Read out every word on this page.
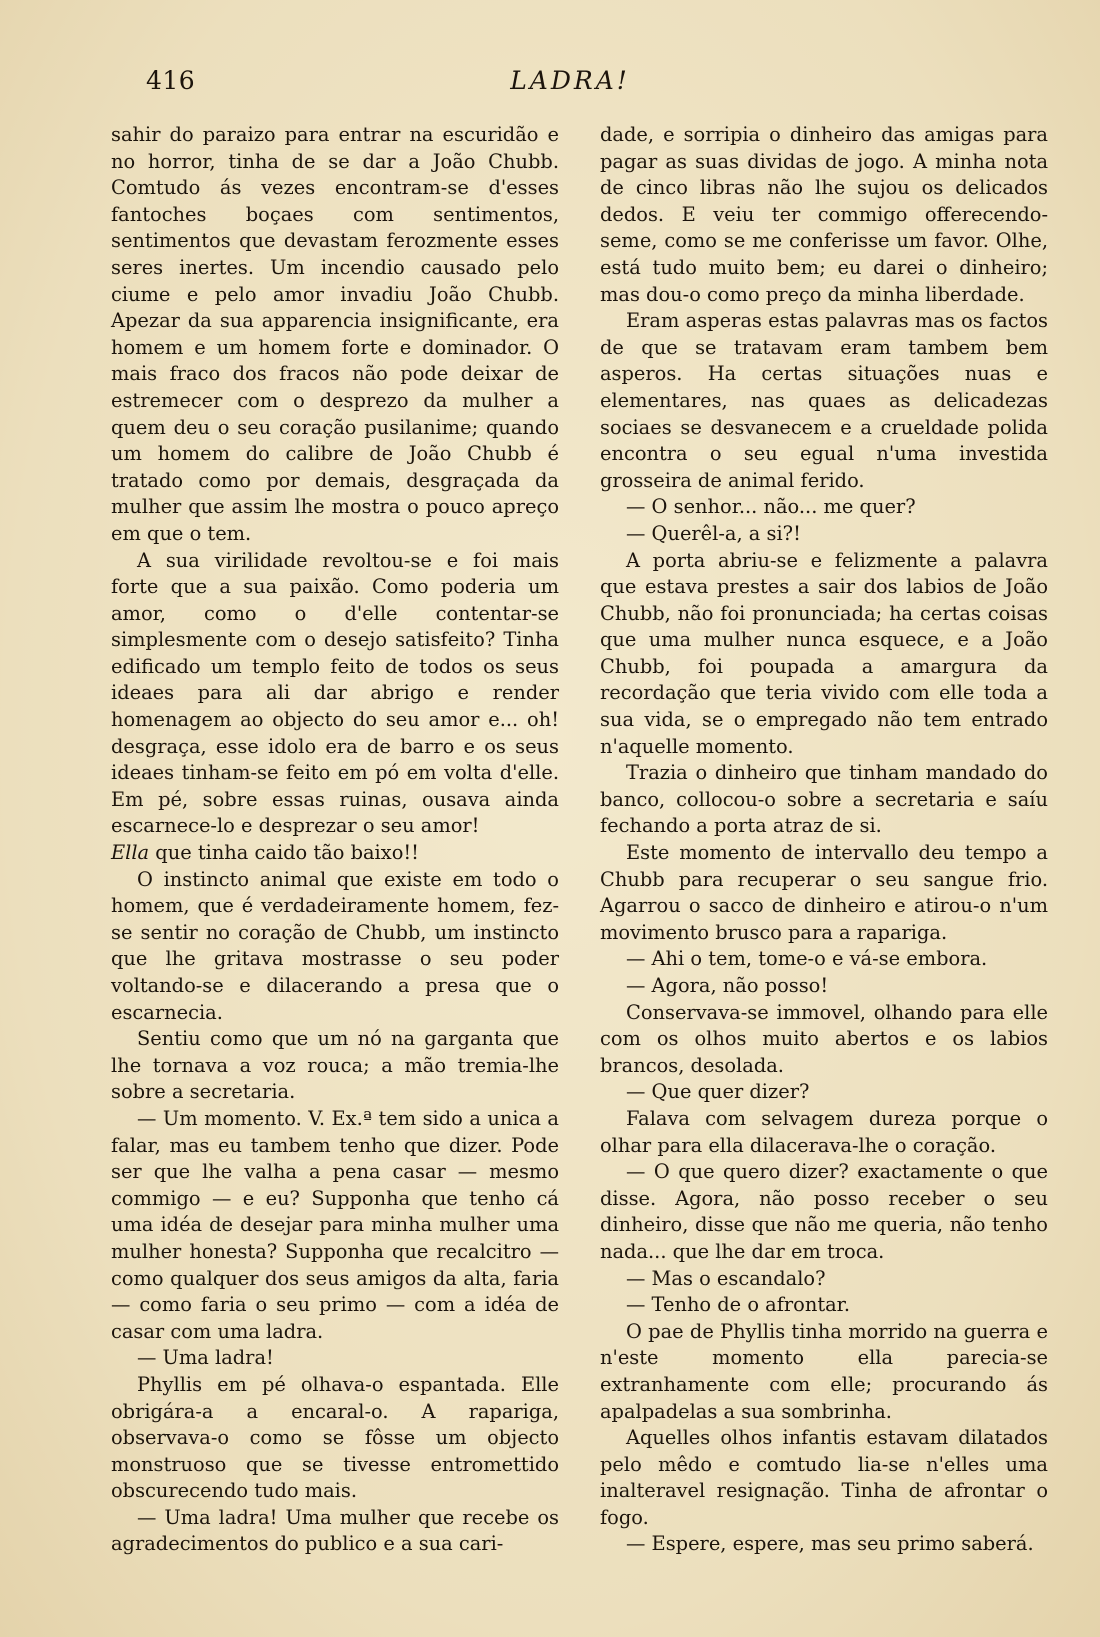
416	LADRA!

sahir do paraizo para entrar na escuridão e no horror, tinha de se dar a João Chubb. Comtudo ás vezes encontram-se d'esses fantoches boçaes com sentimentos, sentimentos que devastam ferozmente esses seres inertes. Um incendio causado pelo ciume e pelo amor invadiu João Chubb. Apezar da sua apparencia insignificante, era homem e um homem forte e dominador. O mais fraco dos fracos não pode deixar de estremecer com o desprezo da mulher a quem deu o seu coração pusilanime; quando um homem do calibre de João Chubb é tratado como por demais, desgraçada da mulher que assim lhe mostra o pouco apreço em que o tem.

A sua virilidade revoltou-se e foi mais forte que a sua paixão. Como poderia um amor, como o d'elle contentar-se simplesmente com o desejo satisfeito? Tinha edificado um templo feito de todos os seus ideaes para ali dar abrigo e render homenagem ao objecto do seu amor e... oh! desgraça, esse idolo era de barro e os seus ideaes tinham-se feito em pó em volta d'elle. Em pé, sobre essas ruinas, ousava ainda escarnece-lo e desprezar o seu amor!

Ella que tinha caido tão baixo!!

O instincto animal que existe em todo o homem, que é verdadeiramente homem, fez-se sentir no coração de Chubb, um instincto que lhe gritava mostrasse o seu poder voltando-se e dilacerando a presa que o escarnecia.

Sentiu como que um nó na garganta que lhe tornava a voz rouca; a mão tremia-lhe sobre a secretaria.

— Um momento. V. Ex.ª tem sido a unica a falar, mas eu tambem tenho que dizer. Pode ser que lhe valha a pena casar — mesmo commigo — e eu? Supponha que tenho cá uma idéa de desejar para minha mulher uma mulher honesta? Supponha que recalcitro — como qualquer dos seus amigos da alta, faria — como faria o seu primo — com a idéa de casar com uma ladra.

— Uma ladra!

Phyllis em pé olhava-o espantada. Elle obrigára-a a encaral-o. A rapariga, observava-o como se fôsse um objecto monstruoso que se tivesse entromettido obscurecendo tudo mais.

— Uma ladra! Uma mulher que recebe os agradecimentos do publico e a sua cari-

dade, e sorripia o dinheiro das amigas para pagar as suas dividas de jogo. A minha nota de cinco libras não lhe sujou os delicados dedos. E veiu ter commigo offerecendo-seme, como se me conferisse um favor. Olhe, está tudo muito bem; eu darei o dinheiro; mas dou-o como preço da minha liberdade.

Eram asperas estas palavras mas os factos de que se tratavam eram tambem bem asperos. Ha certas situações nuas e elementares, nas quaes as delicadezas sociaes se desvanecem e a crueldade polida encontra o seu egual n'uma investida grosseira de animal ferido.

— O senhor... não... me quer?

— Querêl-a, a si?!

A porta abriu-se e felizmente a palavra que estava prestes a sair dos labios de João Chubb, não foi pronunciada; ha certas coisas que uma mulher nunca esquece, e a João Chubb, foi poupada a amargura da recordação que teria vivido com elle toda a sua vida, se o empregado não tem entrado n'aquelle momento.

Trazia o dinheiro que tinham mandado do banco, collocou-o sobre a secretaria e saíu fechando a porta atraz de si.

Este momento de intervallo deu tempo a Chubb para recuperar o seu sangue frio. Agarrou o sacco de dinheiro e atirou-o n'um movimento brusco para a rapariga.

— Ahi o tem, tome-o e vá-se embora.

— Agora, não posso!

Conservava-se immovel, olhando para elle com os olhos muito abertos e os labios brancos, desolada.

— Que quer dizer?

Falava com selvagem dureza porque o olhar para ella dilacerava-lhe o coração.

— O que quero dizer? exactamente o que disse. Agora, não posso receber o seu dinheiro, disse que não me queria, não tenho nada... que lhe dar em troca.

— Mas o escandalo?

— Tenho de o afrontar.

O pae de Phyllis tinha morrido na guerra e n'este momento ella parecia-se extranhamente com elle; procurando ás apalpadelas a sua sombrinha.

Aquelles olhos infantis estavam dilatados pelo mêdo e comtudo lia-se n'elles uma inalteravel resignação. Tinha de afrontar o fogo.

— Espere, espere, mas seu primo saberá.
